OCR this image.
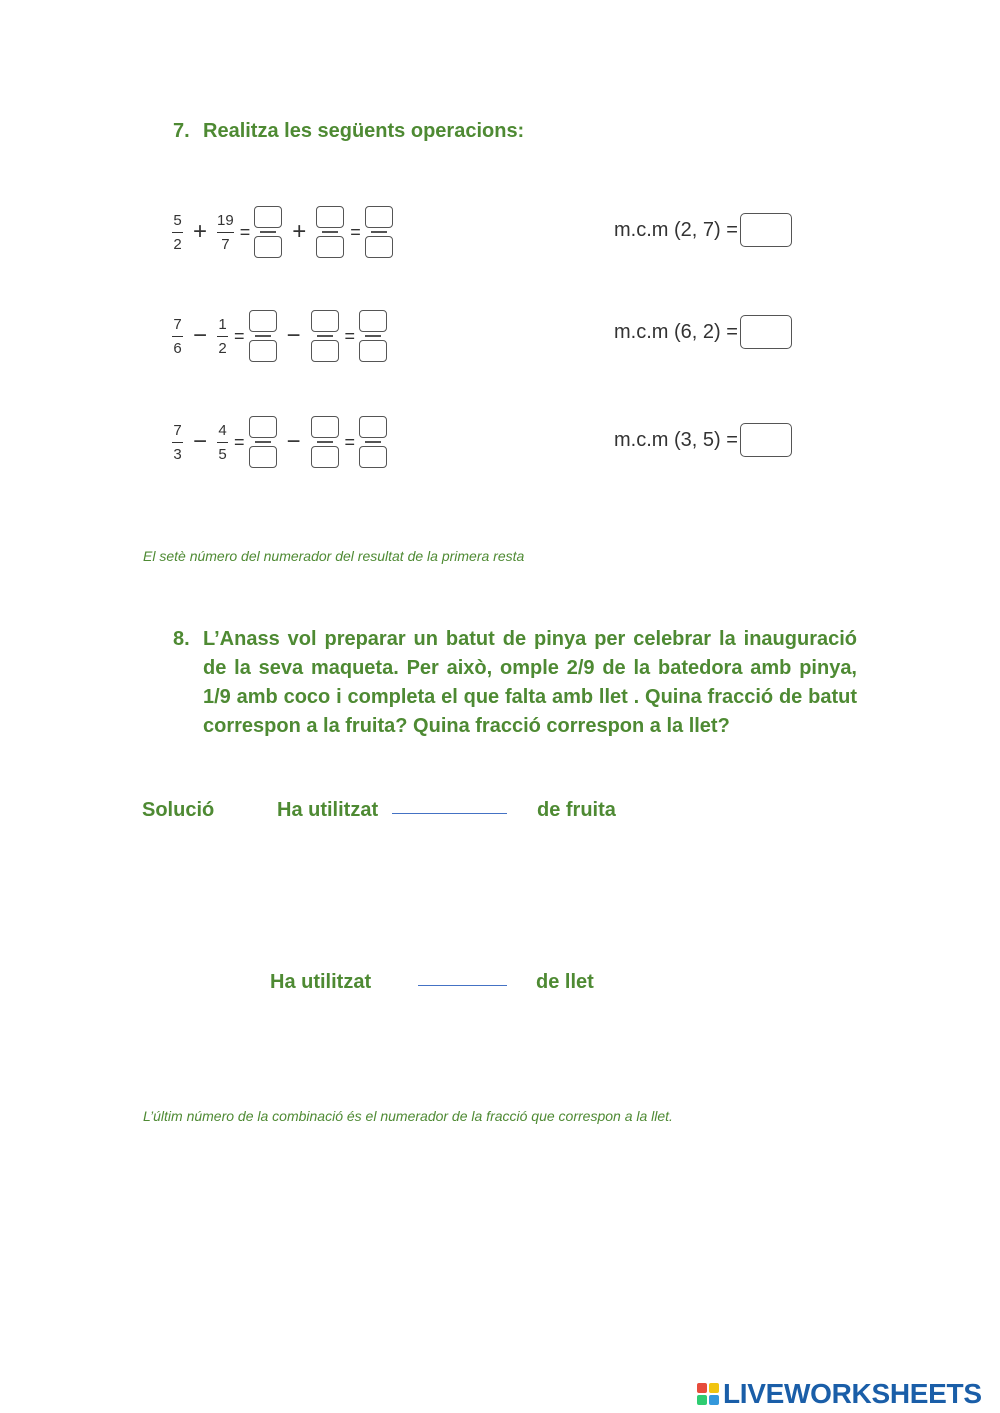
7. Realitza les següents operacions:
$\frac{5}{2} + \frac{19}{7}$ = + =	m.c.m (2, 7) =
$\frac{7}{6} - \frac{1}{2}$ = − =	m.c.m (6, 2) =
$\frac{7}{3} - \frac{4}{5}$ = − =	m.c.m (3, 5) =
El setè número del numerador del resultat de la primera resta
8. L’Anass vol preparar un batut de pinya per celebrar la inauguració de la seva maqueta. Per això, omple 2/9 de la batedora amb pinya, 1/9 amb coco i completa el que falta amb llet . Quina fracció de batut correspon a la fruita? Quina fracció correspon a la llet?
Solució	Ha utilitzat	de fruita
Ha utilitzat	de llet
L’últim número de la combinació és el numerador de la fracció que correspon a la llet.
LIVEWORKSHEETS
